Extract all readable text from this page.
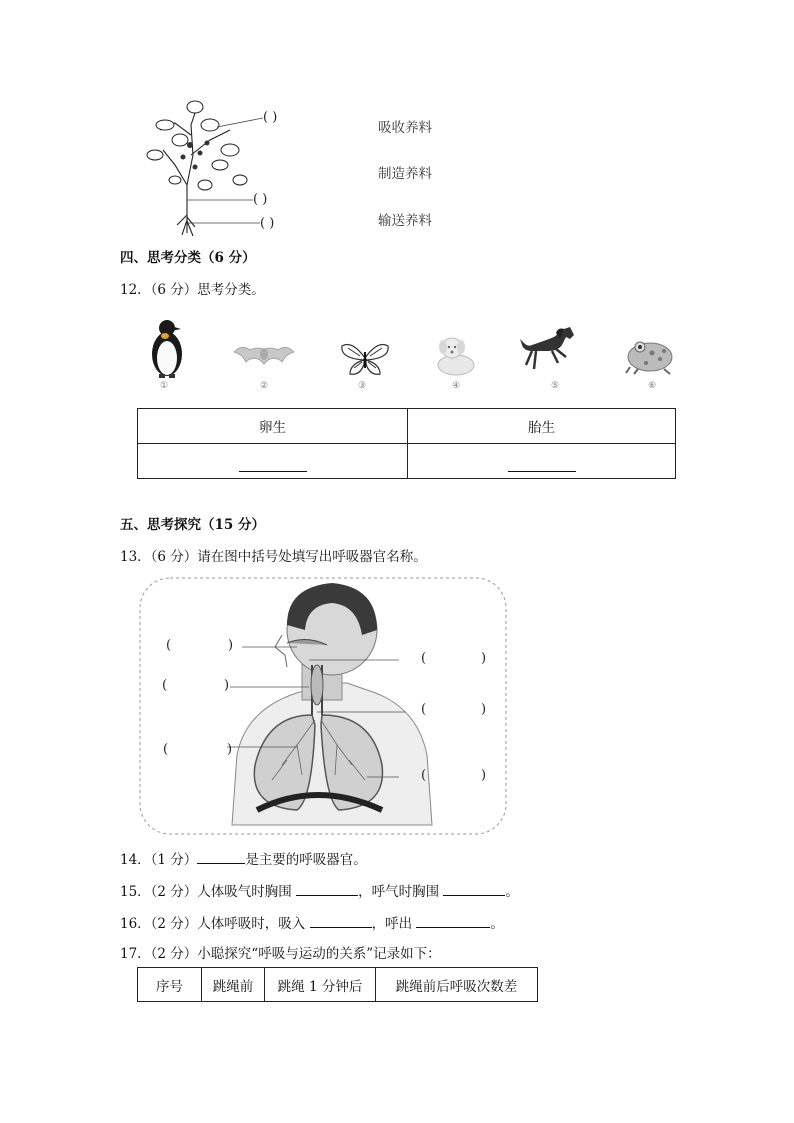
( )
( )
( )
吸收养料
制造养料
输送养料
四、思考分类（6 分）
12．（6 分）思考分类。
①	②	③	④	⑤	⑥
卵生	胎生

五、思考探究（15 分）
13．（6 分）请在图中括号处填写出呼吸器官名称。
(	)
(	)
(	)
(	)
(	)
(	)
14．（1 分）	是主要的呼吸器官。
15．（2 分）人体吸气时胸围	，呼气时胸围	。
16．（2 分）人体呼吸时，吸入	，呼出	。
17．（2 分）小聪探究“呼吸与运动的关系”记录如下：
序号	跳绳前	跳绳 1 分钟后	跳绳前后呼吸次数差
